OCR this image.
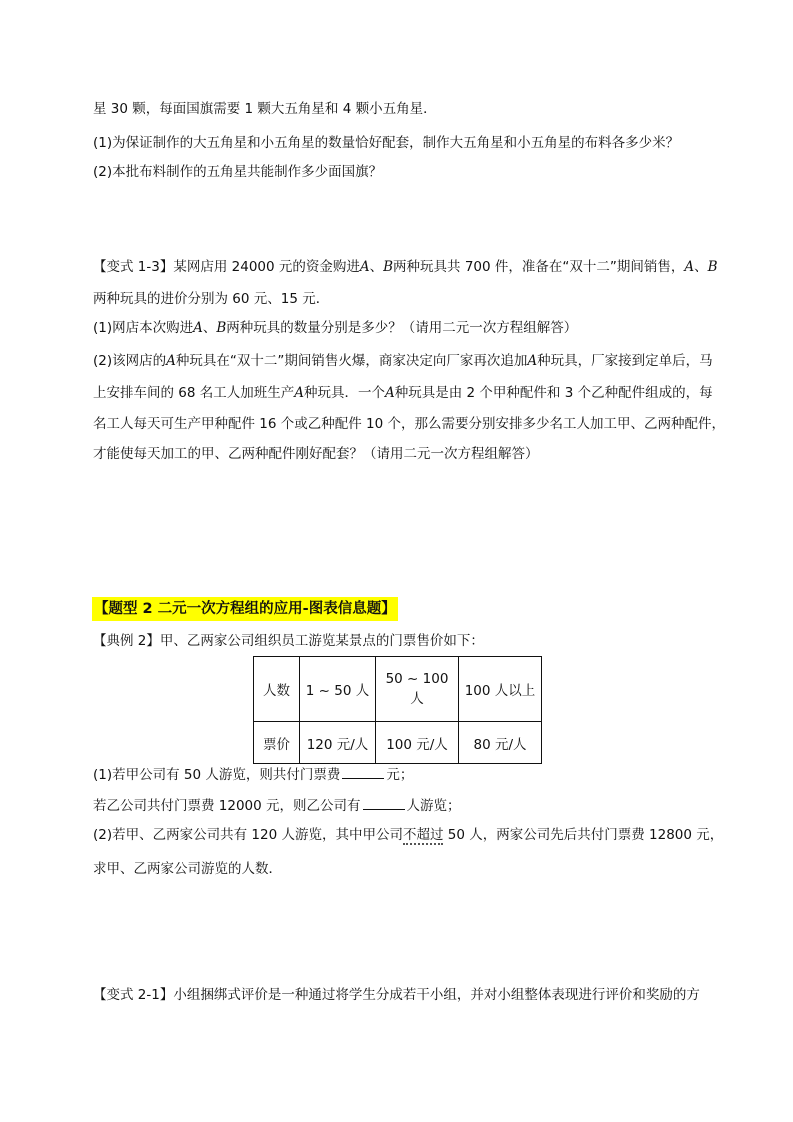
星 30 颗，每面国旗需要 1 颗大五角星和 4 颗小五角星．
(1)为保证制作的大五角星和小五角星的数量恰好配套，制作大五角星和小五角星的布料各多少米？
(2)本批布料制作的五角星共能制作多少面国旗？
【变式 1-3】某网店用 24000 元的资金购进A、B两种玩具共 700 件，准备在“双十二”期间销售，A、B
两种玩具的进价分别为 60 元、15 元．
(1)网店本次购进A、B两种玩具的数量分别是多少？（请用二元一次方程组解答）
(2)该网店的A种玩具在“双十二”期间销售火爆，商家决定向厂家再次追加A种玩具，厂家接到定单后，马
上安排车间的 68 名工人加班生产A种玩具．一个A种玩具是由 2 个甲种配件和 3 个乙种配件组成的，每
名工人每天可生产甲种配件 16 个或乙种配件 10 个，那么需要分别安排多少名工人加工甲、乙两种配件，
才能使每天加工的甲、乙两种配件刚好配套？（请用二元一次方程组解答）
【题型 2 二元一次方程组的应用-图表信息题】
【典例 2】甲、乙两家公司组织员工游览某景点的门票售价如下：
人数	1 ~ 50 人	50 ~ 100
人	100 人以上
票价	120 元/人	100 元/人	80 元/人
(1)若甲公司有 50 人游览，则共付门票费	元；
若乙公司共付门票费 12000 元，则乙公司有	人游览；
(2)若甲、乙两家公司共有 120 人游览，其中甲公司不超过 50 人，两家公司先后共付门票费 12800 元，
求甲、乙两家公司游览的人数．
【变式 2-1】小组捆绑式评价是一种通过将学生分成若干小组，并对小组整体表现进行评价和奖励的方
